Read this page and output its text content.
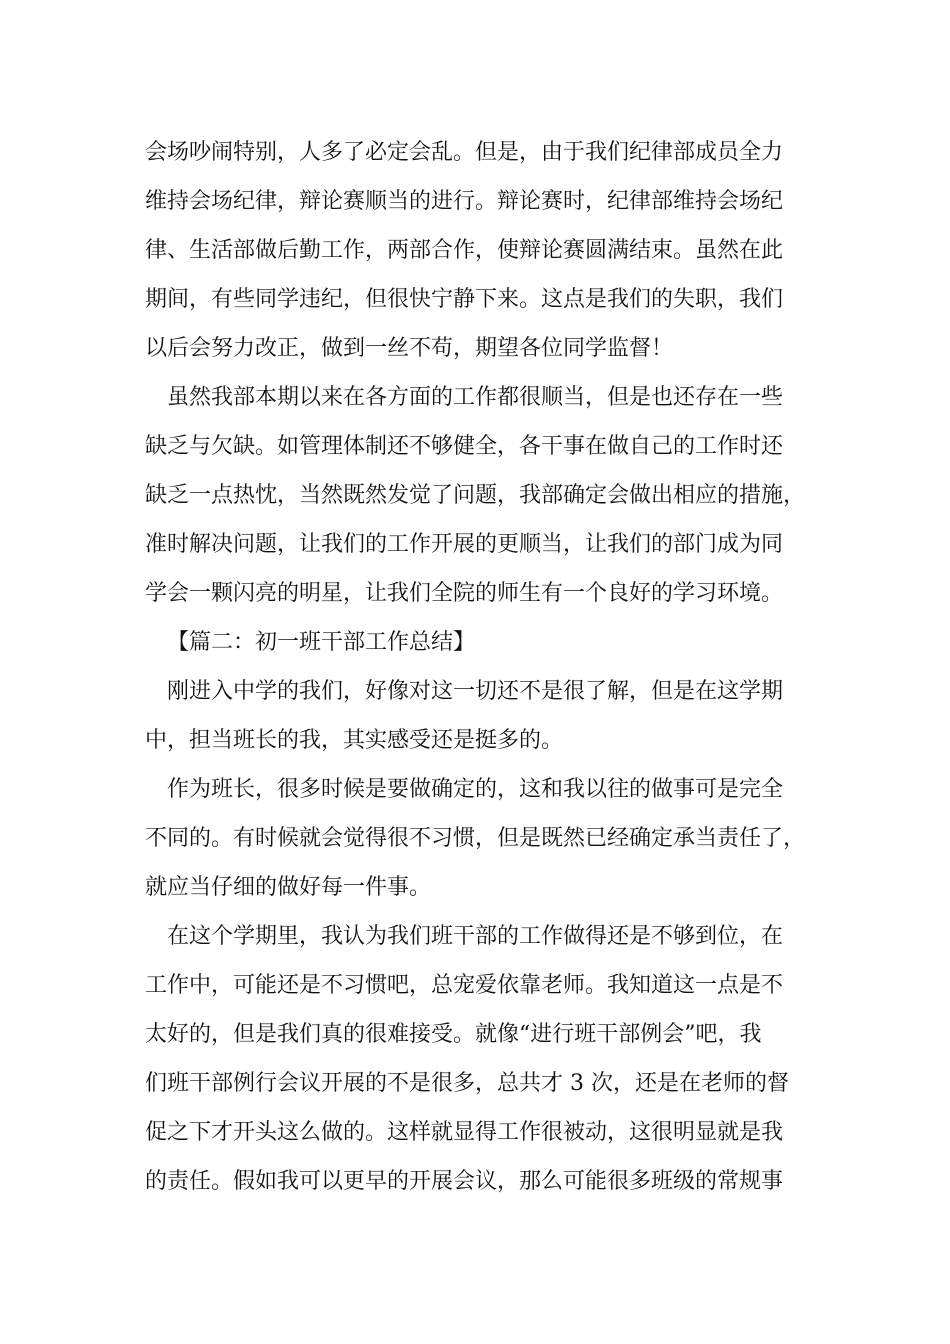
会场吵闹特别，人多了必定会乱。但是，由于我们纪律部成员全力
维持会场纪律，辩论赛顺当的进行。辩论赛时，纪律部维持会场纪
律、生活部做后勤工作，两部合作，使辩论赛圆满结束。虽然在此
期间，有些同学违纪，但很快宁静下来。这点是我们的失职，我们
以后会努力改正，做到一丝不苟，期望各位同学监督！
虽然我部本期以来在各方面的工作都很顺当，但是也还存在一些
缺乏与欠缺。如管理体制还不够健全，各干事在做自己的工作时还
缺乏一点热忱，当然既然发觉了问题，我部确定会做出相应的措施，
准时解决问题，让我们的工作开展的更顺当，让我们的部门成为同
学会一颗闪亮的明星，让我们全院的师生有一个良好的学习环境。
【篇二：初一班干部工作总结】
刚进入中学的我们，好像对这一切还不是很了解，但是在这学期
中，担当班长的我，其实感受还是挺多的。
作为班长，很多时候是要做确定的，这和我以往的做事可是完全
不同的。有时候就会觉得很不习惯，但是既然已经确定承当责任了，
就应当仔细的做好每一件事。
在这个学期里，我认为我们班干部的工作做得还是不够到位，在
工作中，可能还是不习惯吧，总宠爱依靠老师。我知道这一点是不
太好的，但是我们真的很难接受。就像“进行班干部例会”吧，我
们班干部例行会议开展的不是很多，总共才 3 次，还是在老师的督
促之下才开头这么做的。这样就显得工作很被动，这很明显就是我
的责任。假如我可以更早的开展会议，那么可能很多班级的常规事
